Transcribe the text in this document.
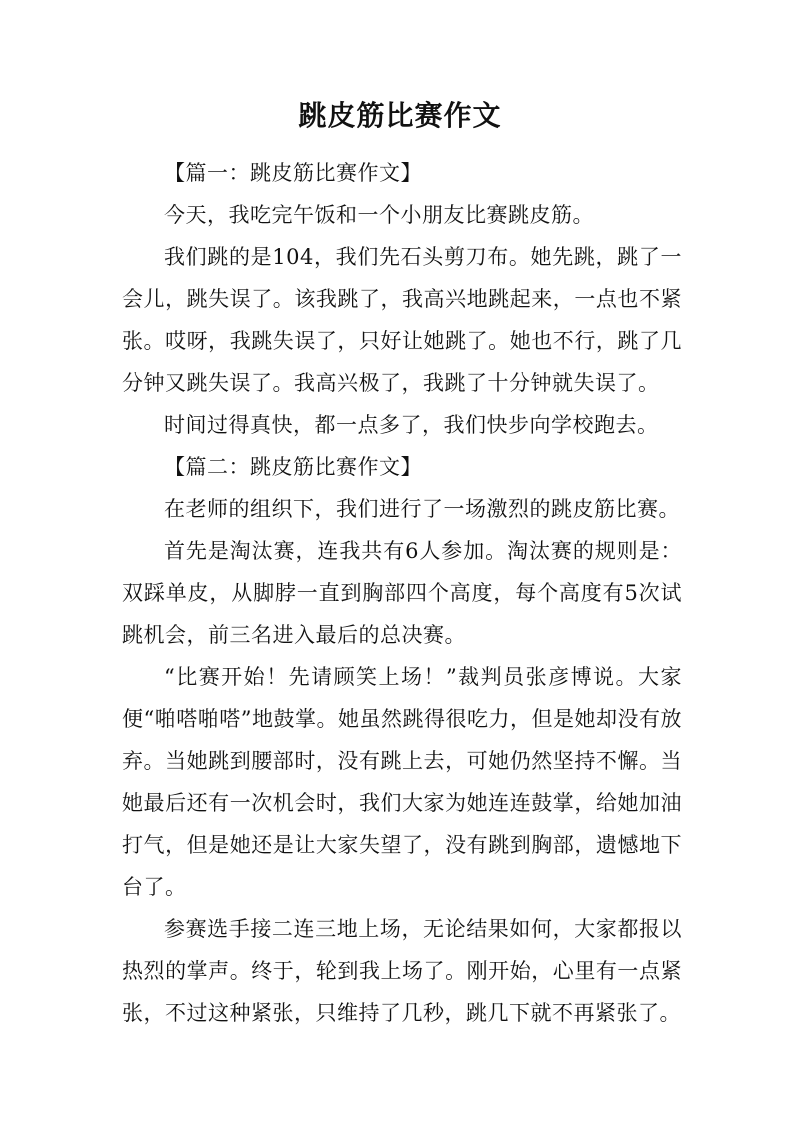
跳皮筋比赛作文

【篇一：跳皮筋比赛作文】

今天，我吃完午饭和一个小朋友比赛跳皮筋。

我们跳的是104，我们先石头剪刀布。她先跳，跳了一会儿，跳失误了。该我跳了，我高兴地跳起来，一点也不紧张。哎呀，我跳失误了，只好让她跳了。她也不行，跳了几分钟又跳失误了。我高兴极了，我跳了十分钟就失误了。

时间过得真快，都一点多了，我们快步向学校跑去。

【篇二：跳皮筋比赛作文】

在老师的组织下，我们进行了一场激烈的跳皮筋比赛。

首先是淘汰赛，连我共有6人参加。淘汰赛的规则是：双踩单皮，从脚脖一直到胸部四个高度，每个高度有5次试跳机会，前三名进入最后的总决赛。

“比赛开始！先请顾笑上场！”裁判员张彦博说。大家便“啪嗒啪嗒”地鼓掌。她虽然跳得很吃力，但是她却没有放弃。当她跳到腰部时，没有跳上去，可她仍然坚持不懈。当她最后还有一次机会时，我们大家为她连连鼓掌，给她加油打气，但是她还是让大家失望了，没有跳到胸部，遗憾地下台了。

参赛选手接二连三地上场，无论结果如何，大家都报以热烈的掌声。终于，轮到我上场了。刚开始，心里有一点紧张，不过这种紧张，只维持了几秒，跳几下就不再紧张了。
